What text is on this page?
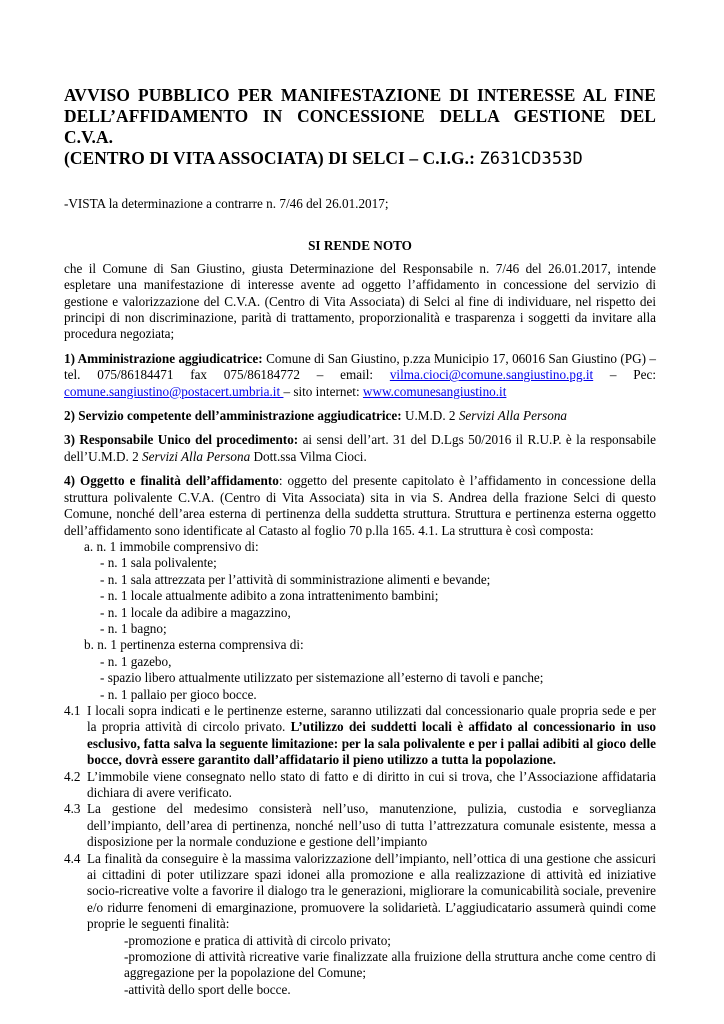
AVVISO PUBBLICO PER MANIFESTAZIONE DI INTERESSE AL FINE DELL’AFFIDAMENTO IN CONCESSIONE DELLA GESTIONE DEL C.V.A.
(CENTRO DI VITA ASSOCIATA) DI SELCI – C.I.G.: Z631CD353D
-VISTA la determinazione a contrarre n. 7/46 del 26.01.2017;
SI RENDE NOTO
che il Comune di San Giustino, giusta Determinazione del Responsabile n. 7/46 del 26.01.2017, intende espletare una manifestazione di interesse avente ad oggetto l’affidamento in concessione del servizio di gestione e valorizzazione del C.V.A. (Centro di Vita Associata) di Selci al fine di individuare, nel rispetto dei principi di non discriminazione, parità di trattamento, proporzionalità e trasparenza i soggetti da invitare alla procedura negoziata;
1) Amministrazione aggiudicatrice: Comune di San Giustino, p.zza Municipio 17, 06016 San Giustino (PG) – tel. 075/86184471 fax 075/86184772 – email: vilma.cioci@comune.sangiustino.pg.it – Pec: comune.sangiustino@postacert.umbria.it – sito internet: www.comunesangiustino.it
2) Servizio competente dell’amministrazione aggiudicatrice: U.M.D. 2 Servizi Alla Persona
3) Responsabile Unico del procedimento: ai sensi dell’art. 31 del D.Lgs 50/2016 il R.U.P. è la responsabile dell’U.M.D. 2 Servizi Alla Persona Dott.ssa Vilma Cioci.
4) Oggetto e finalità dell’affidamento: oggetto del presente capitolato è l’affidamento in concessione della struttura polivalente C.V.A. (Centro di Vita Associata) sita in via S. Andrea della frazione Selci di questo Comune, nonché dell’area esterna di pertinenza della suddetta struttura. Struttura e pertinenza esterna oggetto dell’affidamento sono identificate al Catasto al foglio 70 p.lla 165. 4.1. La struttura è così composta:
a. n. 1 immobile comprensivo di:
- n. 1 sala polivalente;
- n. 1 sala attrezzata per l’attività di somministrazione alimenti e bevande;
- n. 1 locale attualmente adibito a zona intrattenimento bambini;
- n. 1 locale da adibire a magazzino,
- n. 1 bagno;
b. n. 1 pertinenza esterna comprensiva di:
- n. 1 gazebo,
- spazio libero attualmente utilizzato per sistemazione all’esterno di tavoli e panche;
- n. 1 pallaio per gioco bocce.
4.1 I locali sopra indicati e le pertinenze esterne, saranno utilizzati dal concessionario quale propria sede e per la propria attività di circolo privato. L’utilizzo dei suddetti locali è affidato al concessionario in uso esclusivo, fatta salva la seguente limitazione: per la sala polivalente e per i pallai adibiti al gioco delle bocce, dovrà essere garantito dall’affidatario il pieno utilizzo a tutta la popolazione.
4.2 L’immobile viene consegnato nello stato di fatto e di diritto in cui si trova, che l’Associazione affidataria dichiara di avere verificato.
4.3 La gestione del medesimo consisterà nell’uso, manutenzione, pulizia, custodia e sorveglianza dell’impianto, dell’area di pertinenza, nonché nell’uso di tutta l’attrezzatura comunale esistente, messa a disposizione per la normale conduzione e gestione dell’impianto
4.4 La finalità da conseguire è la massima valorizzazione dell’impianto, nell’ottica di una gestione che assicuri ai cittadini di poter utilizzare spazi idonei alla promozione e alla realizzazione di attività ed iniziative socio-ricreative volte a favorire il dialogo tra le generazioni, migliorare la comunicabilità sociale, prevenire e/o ridurre fenomeni di emarginazione, promuovere la solidarietà. L’aggiudicatario assumerà quindi come proprie le seguenti finalità:
-promozione e pratica di attività di circolo privato;
-promozione di attività ricreative varie finalizzate alla fruizione della struttura anche come centro di aggregazione per la popolazione del Comune;
-attività dello sport delle bocce.
